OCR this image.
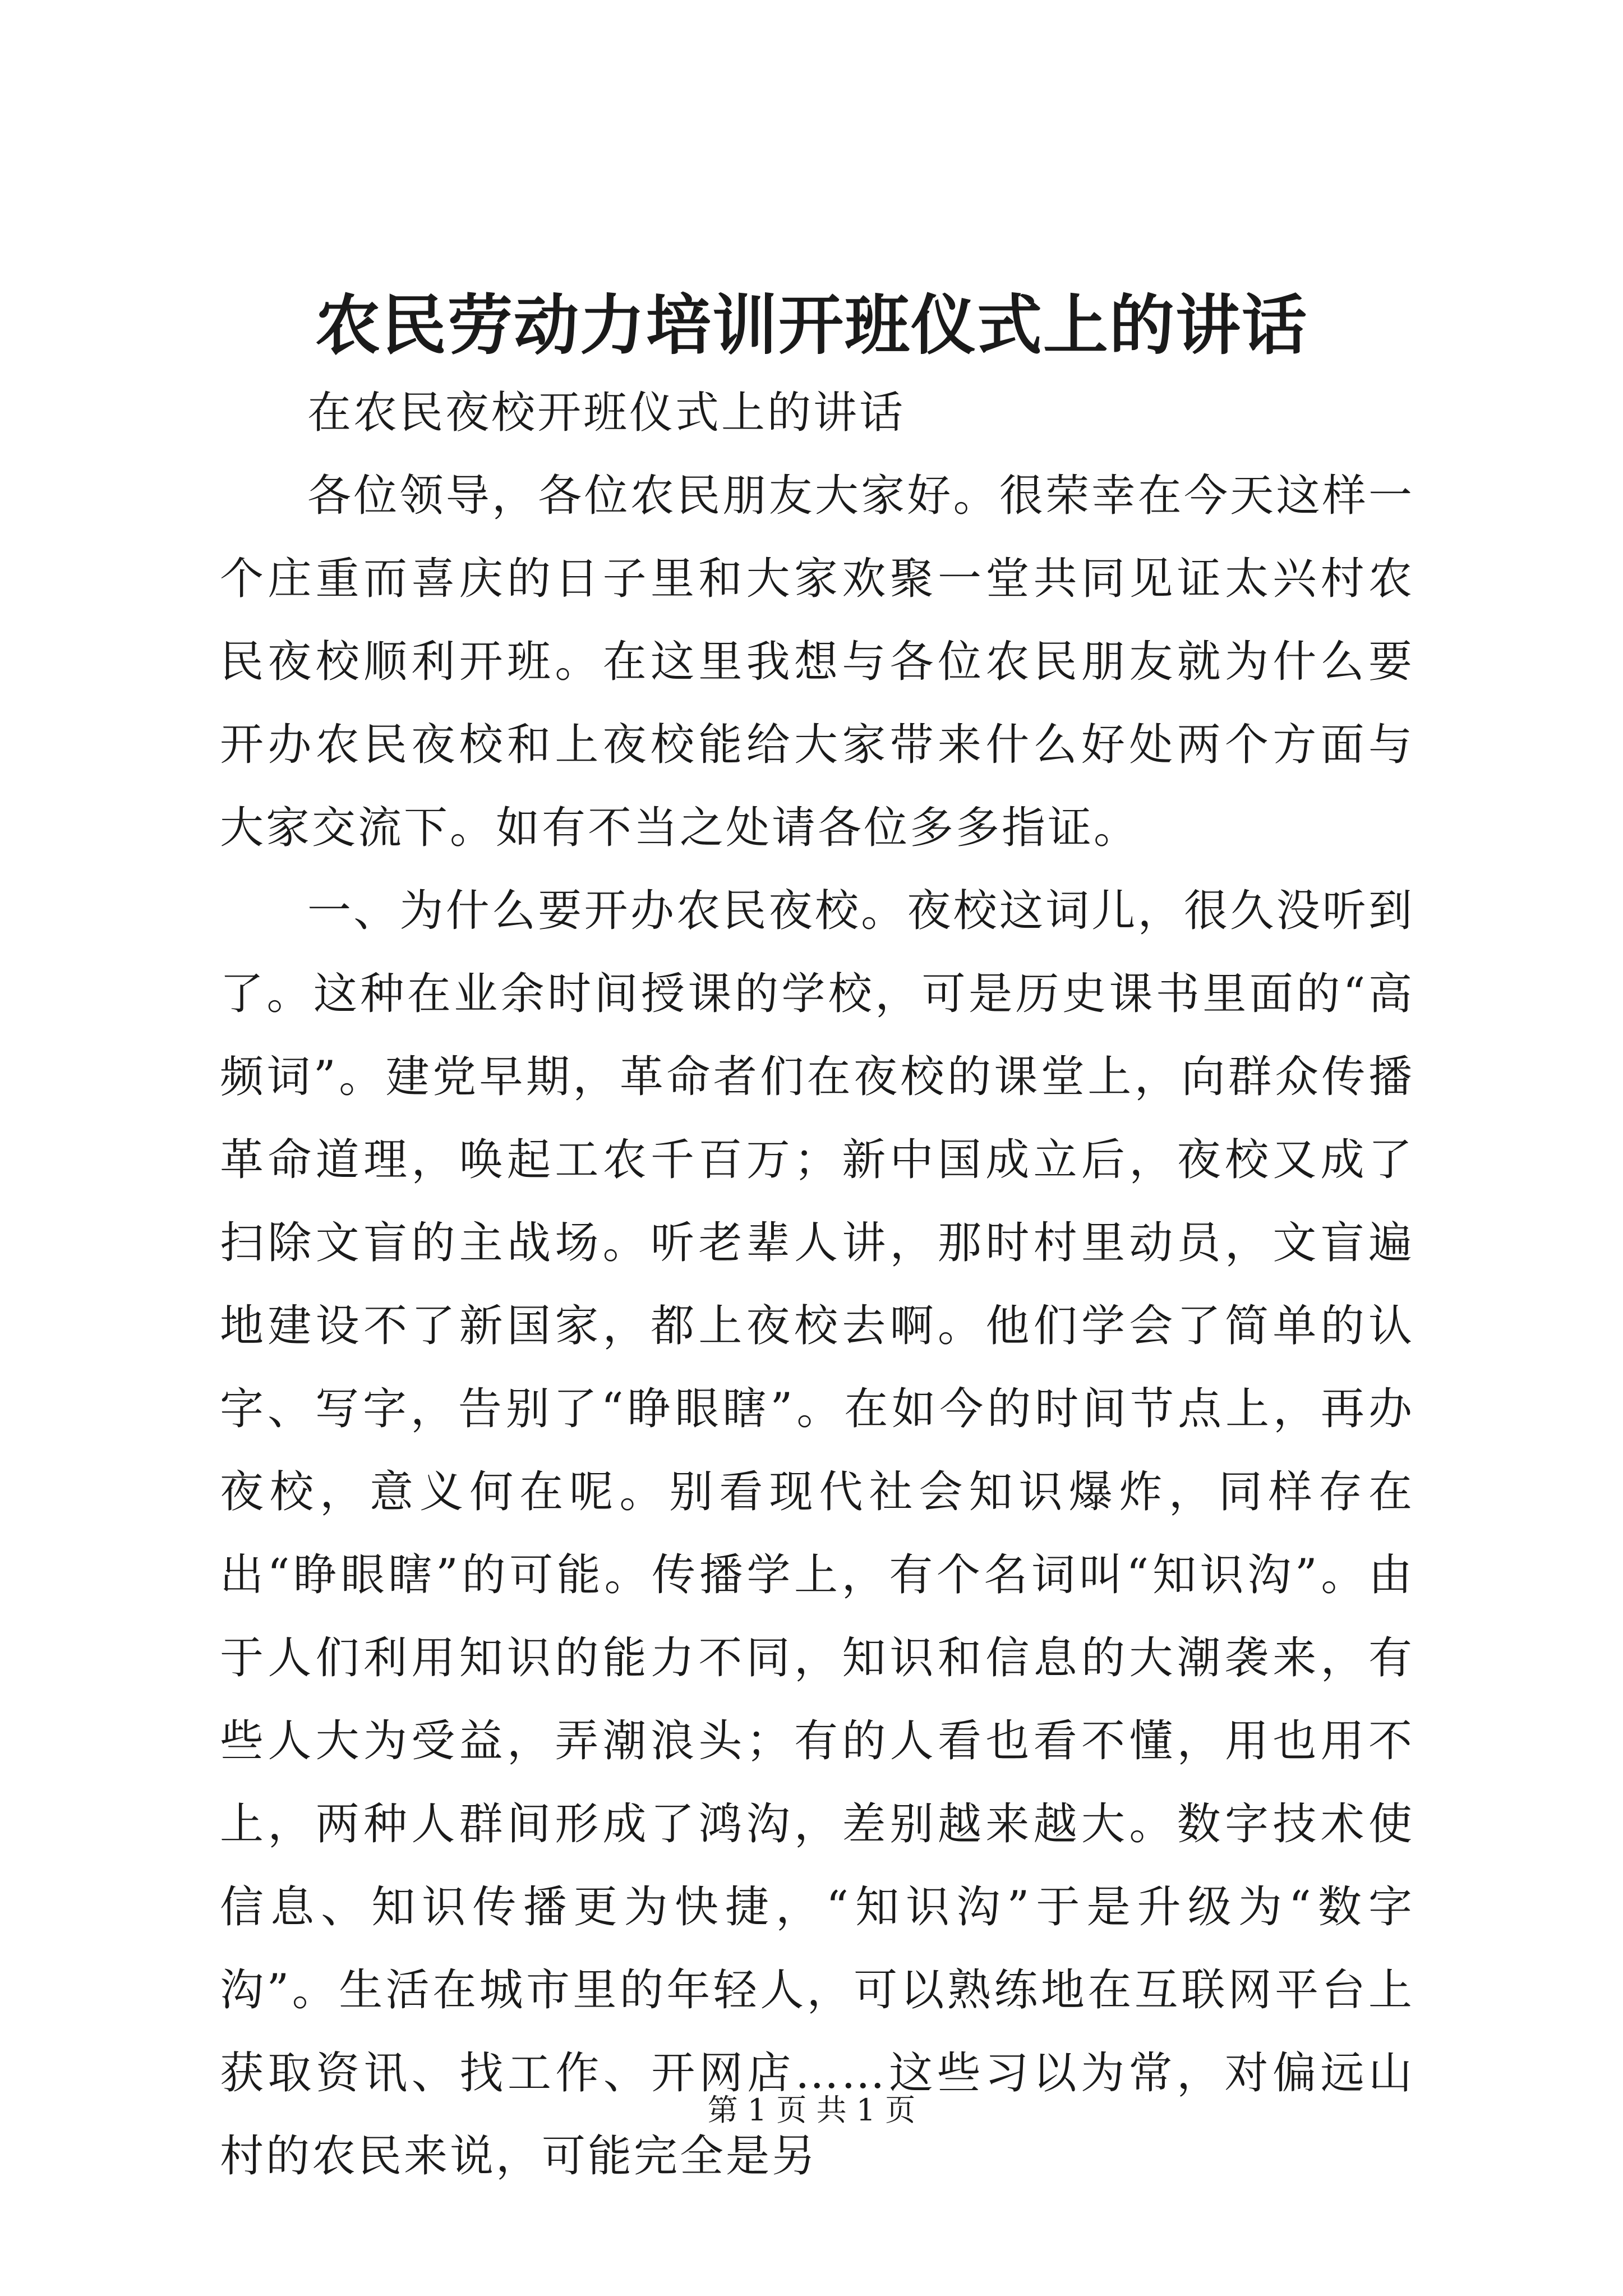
农民劳动力培训开班仪式上的讲话

在农民夜校开班仪式上的讲话

各位领导，各位农民朋友大家好。很荣幸在今天这样一个庄重而喜庆的日子里和大家欢聚一堂共同见证太兴村农民夜校顺利开班。在这里我想与各位农民朋友就为什么要开办农民夜校和上夜校能给大家带来什么好处两个方面与大家交流下。如有不当之处请各位多多指证。

一、为什么要开办农民夜校。夜校这词儿，很久没听到了。这种在业余时间授课的学校，可是历史课书里面的“高频词”。建党早期，革命者们在夜校的课堂上，向群众传播革命道理，唤起工农千百万；新中国成立后，夜校又成了扫除文盲的主战场。听老辈人讲，那时村里动员，文盲遍地建设不了新国家，都上夜校去啊。他们学会了简单的认字、写字，告别了“睁眼瞎”。在如今的时间节点上，再办夜校，意义何在呢。别看现代社会知识爆炸，同样存在出“睁眼瞎”的可能。传播学上，有个名词叫“知识沟”。由于人们利用知识的能力不同，知识和信息的大潮袭来，有些人大为受益，弄潮浪头；有的人看也看不懂，用也用不上，两种人群间形成了鸿沟，差别越来越大。数字技术使信息、知识传播更为快捷，“知识沟”于是升级为“数字沟”。生活在城市里的年轻人，可以熟练地在互联网平台上获取资讯、找工作、开网店……这些习以为常，对偏远山村的农民来说，可能完全是另

第 1 页 共 1 页
